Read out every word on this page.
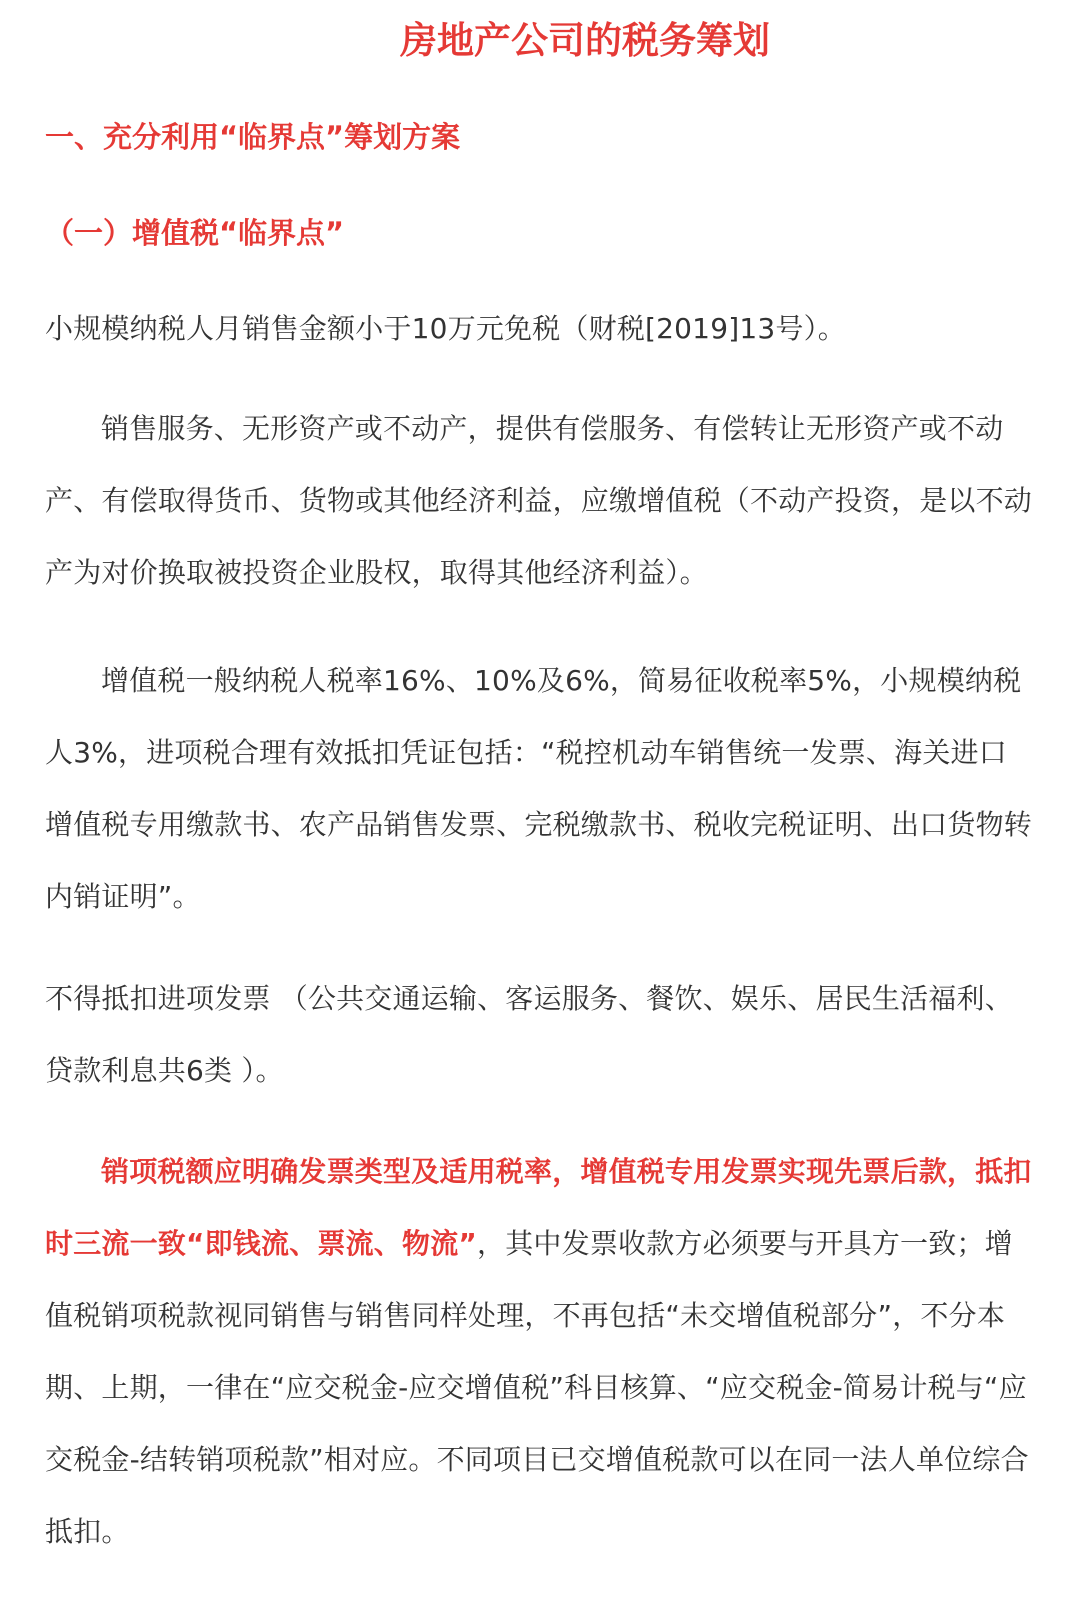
房地产公司的税务筹划
一、充分利用“临界点”筹划方案
（一）增值税“临界点”

小规模纳税人月销售金额小于10万元免税（财税[2019]13号）。

销售服务、无形资产或不动产，提供有偿服务、有偿转让无形资产或不动产、有偿取得货币、货物或其他经济利益，应缴增值税（不动产投资，是以不动产为对价换取被投资企业股权，取得其他经济利益）。

增值税一般纳税人税率16%、10%及6%，简易征收税率5%，小规模纳税人3%，进项税合理有效抵扣凭证包括：“税控机动车销售统一发票、海关进口增值税专用缴款书、农产品销售发票、完税缴款书、税收完税证明、出口货物转内销证明”。

不得抵扣进项发票 （公共交通运输、客运服务、餐饮、娱乐、居民生活福利、贷款利息共6类 ）。

销项税额应明确发票类型及适用税率，增值税专用发票实现先票后款，抵扣时三流一致“即钱流、票流、物流”，其中发票收款方必须要与开具方一致；增值税销项税款视同销售与销售同样处理，不再包括“未交增值税部分”，不分本期、上期，一律在“应交税金-应交增值税”科目核算、“应交税金-简易计税与“应交税金-结转销项税款”相对应。不同项目已交增值税款可以在同一法人单位综合抵扣。
